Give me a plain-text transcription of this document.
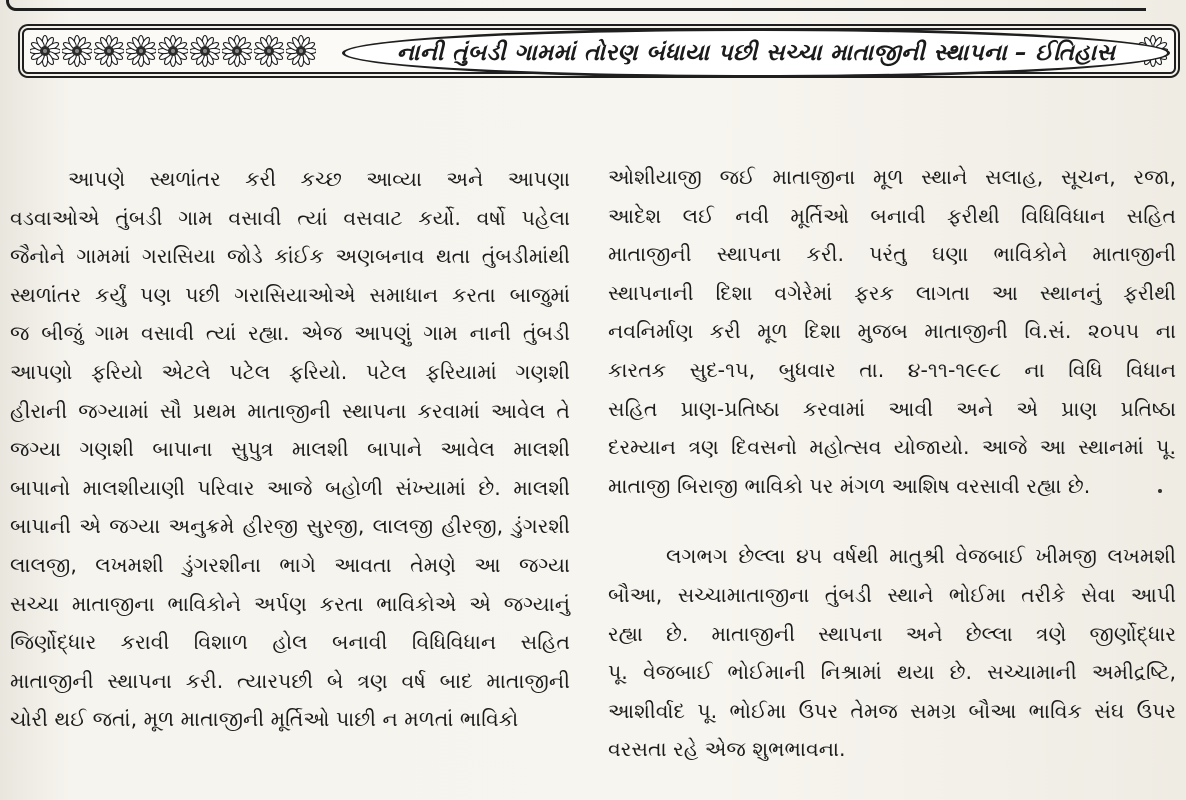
નાની તુંબડી ગામમાં તોરણ બંધાયા પછી સચ્ચા માતાજીની સ્થાપના – ઈતિહાસ
આપણે સ્થળાંતર કરી કચ્છ આવ્યા અને આપણા
વડવાઓએ તુંબડી ગામ વસાવી ત્યાં વસવાટ કર્યો. વર્ષો પહેલા
જૈનોને ગામમાં ગરાસિયા જોડે કાંઈક અણબનાવ થતા તુંબડીમાંથી
સ્થળાંતર કર્યું પણ પછી ગરાસિયાઓએ સમાધાન કરતા બાજુમાં
જ બીજું ગામ વસાવી ત્યાં રહ્યા. એજ આપણું ગામ નાની તુંબડી
આપણો ફરિયો એટલે પટેલ ફરિયો. પટેલ ફરિયામાં ગણશી
હીરાની જગ્યામાં સૌ પ્રથમ માતાજીની સ્થાપના કરવામાં આવેલ તે
જગ્યા ગણશી બાપાના સુપુત્ર માલશી બાપાને આવેલ માલશી
બાપાનો માલશીયાણી પરિવાર આજે બહોળી સંખ્યામાં છે. માલશી
બાપાની એ જગ્યા અનુક્રમે હીરજી સુરજી, લાલજી હીરજી, ડુંગરશી
લાલજી, લખમશી ડુંગરશીના ભાગે આવતા તેમણે આ જગ્યા
સચ્ચા માતાજીના ભાવિકોને અર્પણ કરતા ભાવિકોએ એ જગ્યાનું
જિર્ણોદ્ધાર કરાવી વિશાળ હોલ બનાવી વિધિવિધાન સહિત
માતાજીની સ્થાપના કરી. ત્યારપછી બે ત્રણ વર્ષ બાદ માતાજીની
ચોરી થઈ જતાં, મૂળ માતાજીની મૂર્તિઓ પાછી ન મળતાં ભાવિકો
ઓશીયાજી જઈ માતાજીના મૂળ સ્થાને સલાહ, સૂચન, રજા,
આદેશ લઈ નવી મૂર્તિઓ બનાવી ફરીથી વિધિવિધાન સહિત
માતાજીની સ્થાપના કરી. પરંતુ ઘણા ભાવિકોને માતાજીની
સ્થાપનાની દિશા વગેરેમાં ફરક લાગતા આ સ્થાનનું ફરીથી
નવનિર્માણ કરી મૂળ દિશા મુજબ માતાજીની વિ.સં. ૨૦૫૫ ના
કારતક સુદ-૧૫, બુધવાર તા. ૪-૧૧-૧૯૯૮ ના વિધિ વિધાન
સહિત પ્રાણ-પ્રતિષ્ઠા કરવામાં આવી અને એ પ્રાણ પ્રતિષ્ઠા
દરમ્યાન ત્રણ દિવસનો મહોત્સવ યોજાયો. આજે આ સ્થાનમાં પૂ.
માતાજી બિરાજી ભાવિકો પર મંગળ આશિષ વરસાવી રહ્યા છે.
લગભગ છેલ્લા ૪૫ વર્ષથી માતુશ્રી વેજબાઈ ખીમજી લખમશી
બૌઆ, સચ્ચામાતાજીના તુંબડી સ્થાને ભોઈમા તરીકે સેવા આપી
રહ્યા છે. માતાજીની સ્થાપના અને છેલ્લા ત્રણે જીર્ણોદ્ધાર
પૂ. વેજબાઈ ભોઈમાની નિશ્રામાં થયા છે. સચ્ચામાની અમીદ્રષ્ટિ,
આશીર્વાદ પૂ. ભોઈમા ઉપર તેમજ સમગ્ર બૌઆ ભાવિક સંઘ ઉપર
વરસતા રહે એજ શુભભાવના.
